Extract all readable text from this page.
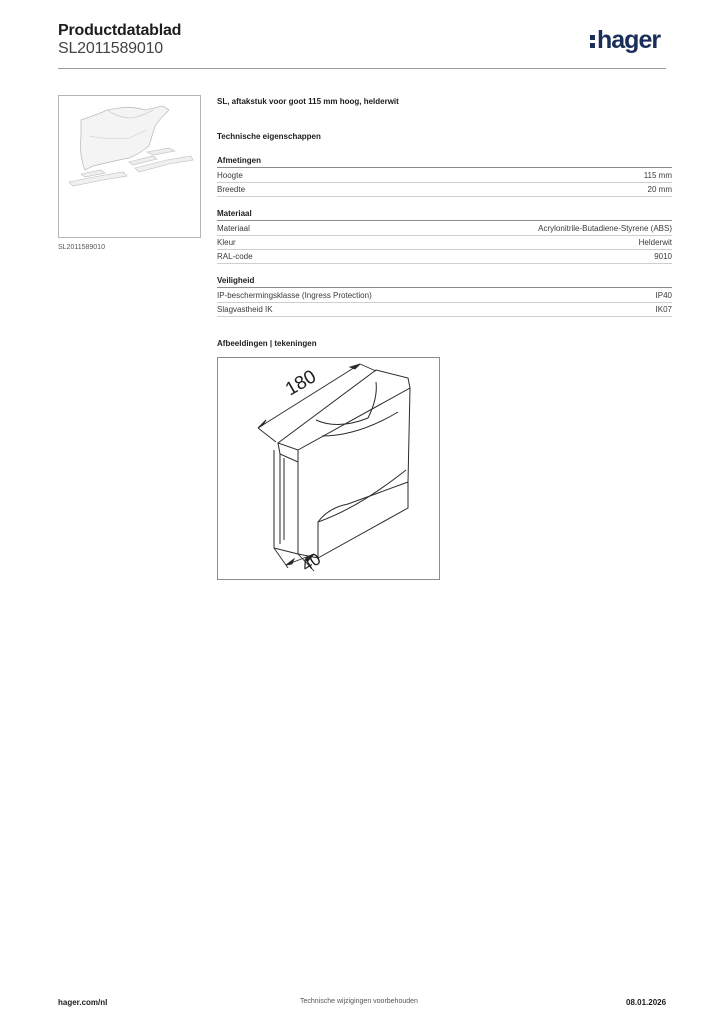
Productdatablad
SL2011589010	hager
SL2011589010
SL, aftakstuk voor goot 115 mm hoog, helderwit
Technische eigenschappen
Afmetingen
Hoogte	115 mm
Breedte	20 mm
Materiaal
Materiaal	Acrylonitrile-Butadiene-Styrene (ABS)
Kleur	Helderwit
RAL-code	9010
Veiligheid
IP-beschermingsklasse (Ingress Protection)	IP40
Slagvastheid IK	IK07
Afbeeldingen | tekeningen
180
40
hager.com/nl	Technische wijzigingen voorbehouden	08.01.2026
